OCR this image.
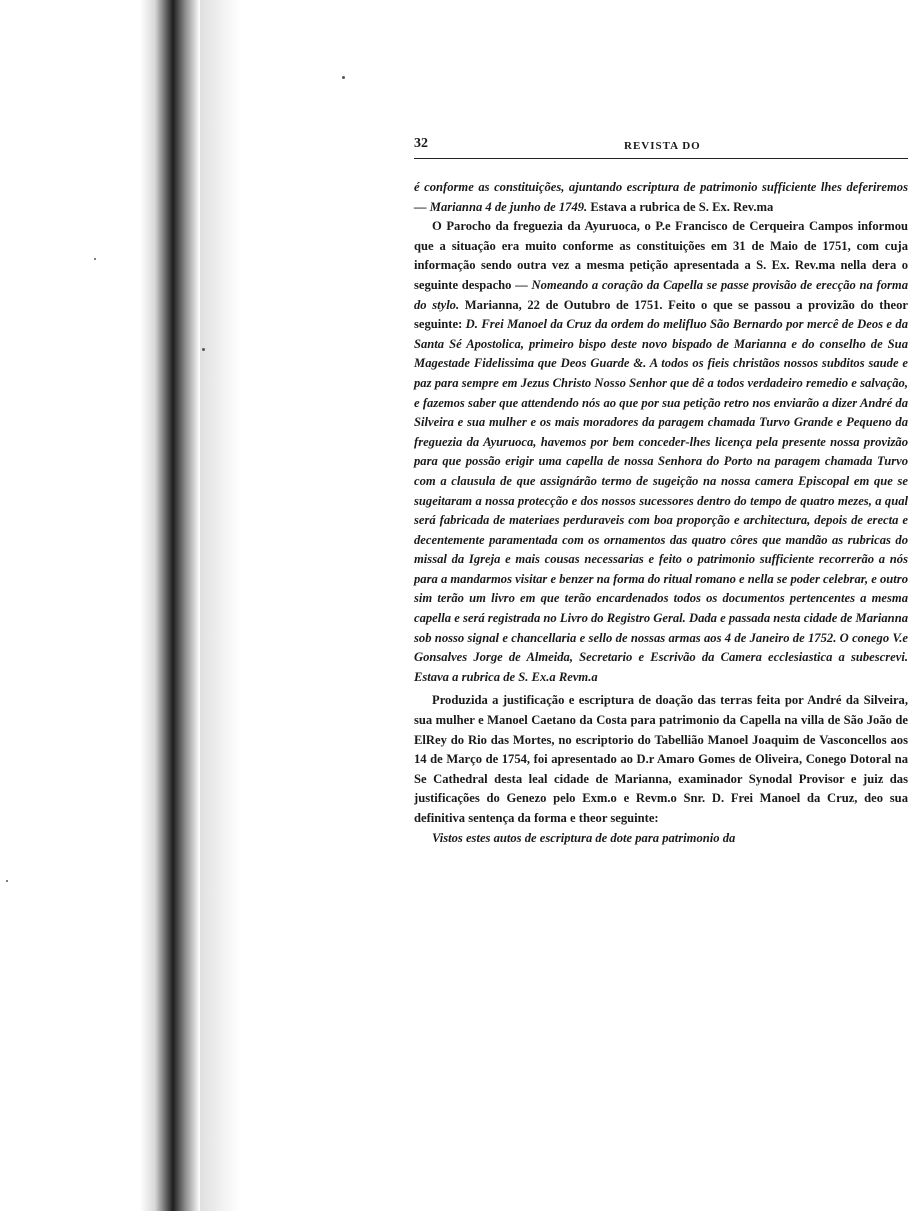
32	REVISTA DO

é conforme as constituições, ajuntando escriptura de patrimonio sufficiente lhes deferiremos — Marianna 4 de junho de 1749. Estava a rubrica de S. Ex. Rev.ma

O Parocho da freguezia da Ayuruoca, o P.e Francisco de Cerqueira Campos informou que a situação era muito conforme as constituições em 31 de Maio de 1751, com cuja informação sendo outra vez a mesma petição apresentada a S. Ex. Rev.ma nella dera o seguinte despacho — Nomeando a coração da Capella se passe provisão de erecção na forma do stylo. Marianna, 22 de Outubro de 1751. Feito o que se passou a provizão do theor seguinte: D. Frei Manoel da Cruz da ordem do melifluo São Bernardo por mercê de Deos e da Santa Sé Apostolica, primeiro bispo deste novo bispado de Marianna e do conselho de Sua Magestade Fidelissima que Deos Guarde &. A todos os fieis christãos nossos subditos saude e paz para sempre em Jezus Christo Nosso Senhor que dê a todos verdadeiro remedio e salvação, e fazemos saber que attendendo nós ao que por sua petição retro nos enviarão a dizer André da Silveira e sua mulher e os mais moradores da paragem chamada Turvo Grande e Pequeno da freguezia da Ayuruoca, havemos por bem conceder-lhes licença pela presente nossa provizão para que possão erigir uma capella de nossa Senhora do Porto na paragem chamada Turvo com a clausula de que assignárão termo de sugeição na nossa camera Episcopal em que se sugeitaram a nossa protecção e dos nossos sucessores dentro do tempo de quatro mezes, a qual será fabricada de materiaes perduraveis com boa proporção e architectura, depois de erecta e decentemente paramentada com os ornamentos das quatro côres que mandão as rubricas do missal da Igreja e mais cousas necessarias e feito o patrimonio sufficiente recorrerão a nós para a mandarmos visitar e benzer na forma do ritual romano e nella se poder celebrar, e outro sim terão um livro em que terão encardenados todos os documentos pertencentes a mesma capella e será registrada no Livro do Registro Geral. Dada e passada nesta cidade de Marianna sob nosso signal e chancellaria e sello de nossas armas aos 4 de Janeiro de 1752. O conego V.e Gonsalves Jorge de Almeida, Secretario e Escrivão da Camera ecclesiastica a subescrevi. Estava a rubrica de S. Ex.a Revm.a

Produzida a justificação e escriptura de doação das terras feita por André da Silveira, sua mulher e Manoel Caetano da Costa para patrimonio da Capella na villa de São João de ElRey do Rio das Mortes, no escriptorio do Tabellião Manoel Joaquim de Vasconcellos aos 14 de Março de 1754, foi apresentado ao D.r Amaro Gomes de Oliveira, Conego Dotoral na Se Cathedral desta leal cidade de Marianna, examinador Synodal Provisor e juiz das justificações do Genezo pelo Exm.o e Revm.o Snr. D. Frei Manoel da Cruz, deo sua definitiva sentença da forma e theor seguinte:

Vistos estes autos de escriptura de dote para patrimonio da
